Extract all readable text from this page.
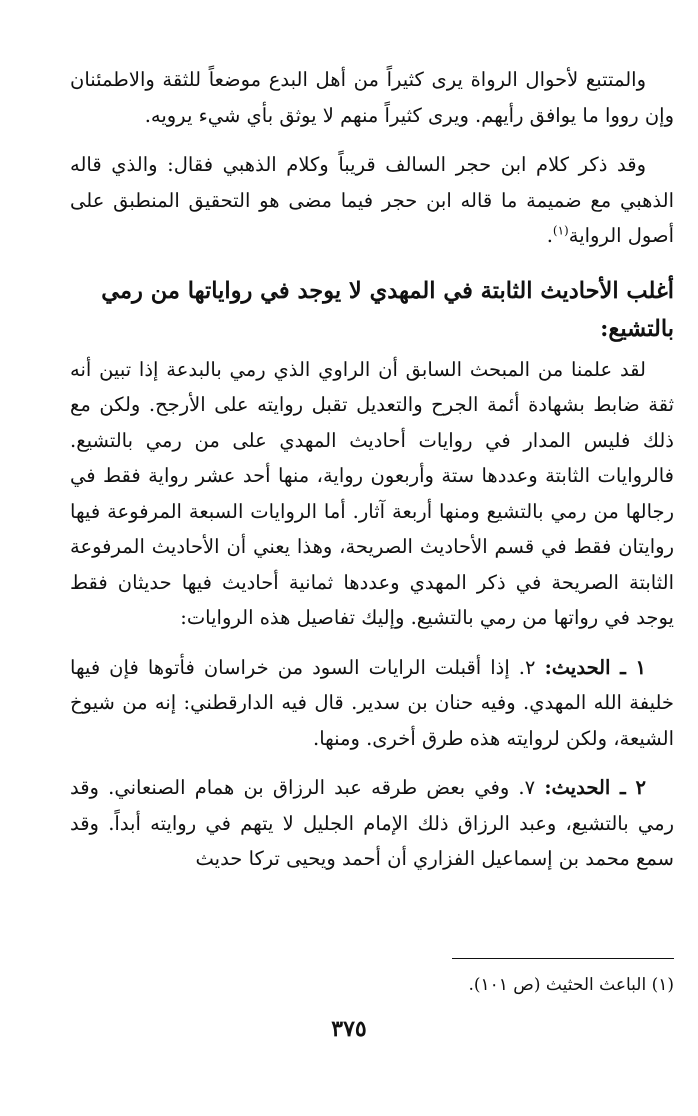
والمتتبع لأحوال الرواة يرى كثيراً من أهل البدع موضعاً للثقة والاطمئنان وإن رووا ما يوافق رأيهم. ويرى كثيراً منهم لا يوثق بأي شيء يرويه.

وقد ذكر كلام ابن حجر السالف قريباً وكلام الذهبي فقال: والذي قاله الذهبي مع ضميمة ما قاله ابن حجر فيما مضى هو التحقيق المنطبق على أصول الرواية$^{(١)}$.

أغلب الأحاديث الثابتة في المهدي لا يوجد في رواياتها من رمي بالتشيع:

لقد علمنا من المبحث السابق أن الراوي الذي رمي بالبدعة إذا تبين أنه ثقة ضابط بشهادة أئمة الجرح والتعديل تقبل روايته على الأرجح. ولكن مع ذلك فليس المدار في روايات أحاديث المهدي على من رمي بالتشيع. فالروايات الثابتة وعددها ستة وأربعون رواية، منها أحد عشر رواية فقط في رجالها من رمي بالتشيع ومنها أربعة آثار. أما الروايات السبعة المرفوعة فيها روايتان فقط في قسم الأحاديث الصريحة، وهذا يعني أن الأحاديث المرفوعة الثابتة الصريحة في ذكر المهدي وعددها ثمانية أحاديث فيها حديثان فقط يوجد في رواتها من رمي بالتشيع. وإليك تفاصيل هذه الروايات:

١ ـ الحديث: ٢. إذا أقبلت الرايات السود من خراسان فأتوها فإن فيها خليفة الله المهدي. وفيه حنان بن سدير. قال فيه الدارقطني: إنه من شيوخ الشيعة، ولكن لروايته هذه طرق أخرى. ومنها.

٢ ـ الحديث: ٧. وفي بعض طرقه عبد الرزاق بن همام الصنعاني. وقد رمي بالتشيع، وعبد الرزاق ذلك الإمام الجليل لا يتهم في روايته أبداً. وقد سمع محمد بن إسماعيل الفزاري أن أحمد ويحيى تركا حديث

(١) الباعث الحثيث (ص ١٠١).
٣٧٥
